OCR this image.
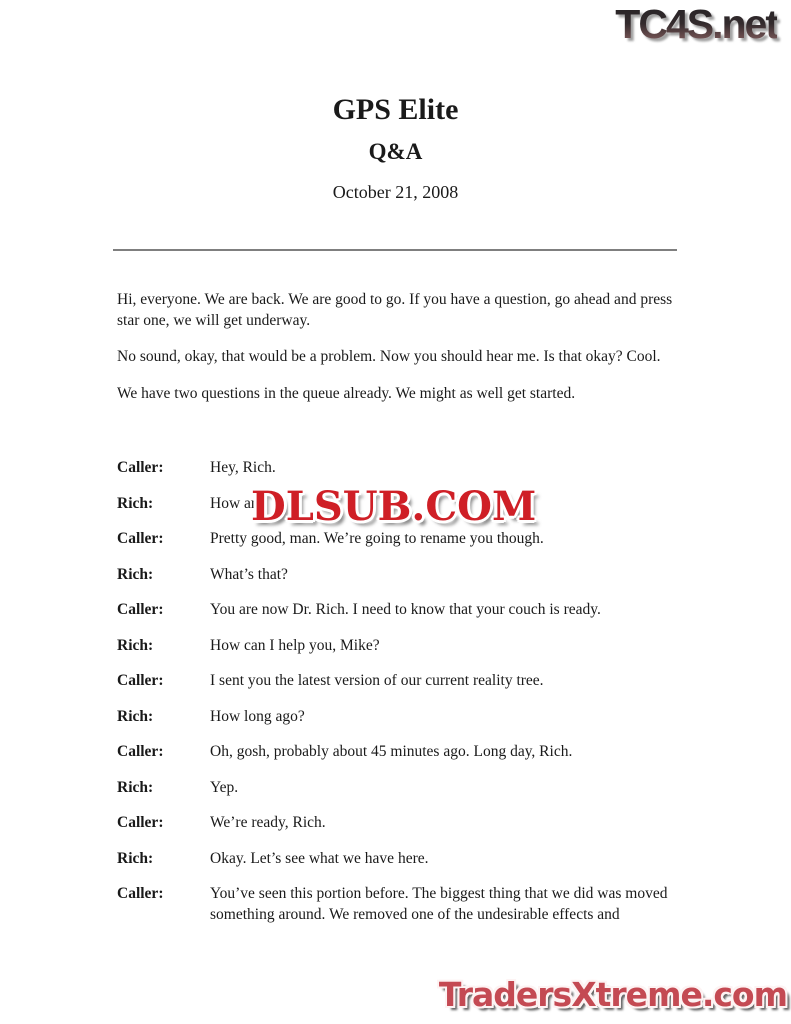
TC4S.net
GPS Elite
Q&A
October 21, 2008

Hi, everyone. We are back. We are good to go. If you have a question, go ahead and press star one, we will get underway.

No sound, okay, that would be a problem. Now you should hear me. Is that okay? Cool.

We have two questions in the queue already. We might as well get started.

Caller:	Hey, Rich.
Rich:	How ar
Caller:	Pretty good, man. We’re going to rename you though.
Rich:	What’s that?
Caller:	You are now Dr. Rich. I need to know that your couch is ready.
Rich:	How can I help you, Mike?
Caller:	I sent you the latest version of our current reality tree.
Rich:	How long ago?
Caller:	Oh, gosh, probably about 45 minutes ago. Long day, Rich.
Rich:	Yep.
Caller:	We’re ready, Rich.
Rich:	Okay. Let’s see what we have here.
Caller:	You’ve seen this portion before. The biggest thing that we did was moved something around. We removed one of the undesirable effects and
DLSUB.COM
TradersXtreme.com
